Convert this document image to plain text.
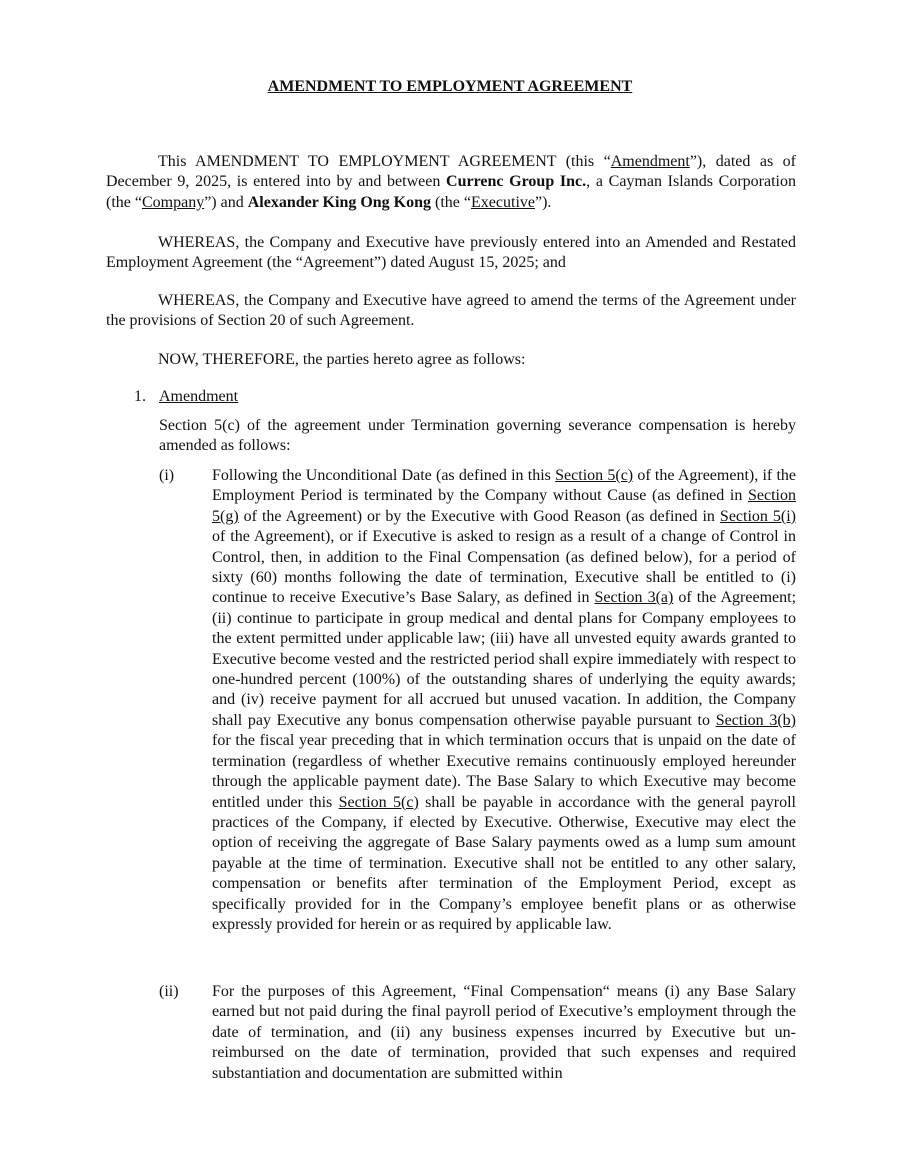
AMENDMENT TO EMPLOYMENT AGREEMENT

This AMENDMENT TO EMPLOYMENT AGREEMENT (this “Amendment”), dated as of December 9, 2025, is entered into by and between Currenc Group Inc., a Cayman Islands Corporation (the “Company”) and Alexander King Ong Kong (the “Executive”).

WHEREAS, the Company and Executive have previously entered into an Amended and Restated Employment Agreement (the “Agreement”) dated August 15, 2025; and

WHEREAS, the Company and Executive have agreed to amend the terms of the Agreement under the provisions of Section 20 of such Agreement.

NOW, THEREFORE, the parties hereto agree as follows:

1. Amendment

Section 5(c) of the agreement under Termination governing severance compensation is hereby amended as follows:

(i) Following the Unconditional Date (as defined in this Section 5(c) of the Agreement), if the Employment Period is terminated by the Company without Cause (as defined in Section 5(g) of the Agreement) or by the Executive with Good Reason (as defined in Section 5(i) of the Agreement), or if Executive is asked to resign as a result of a change of Control in Control, then, in addition to the Final Compensation (as defined below), for a period of sixty (60) months following the date of termination, Executive shall be entitled to (i) continue to receive Executive’s Base Salary, as defined in Section 3(a) of the Agreement; (ii) continue to participate in group medical and dental plans for Company employees to the extent permitted under applicable law; (iii) have all unvested equity awards granted to Executive become vested and the restricted period shall expire immediately with respect to one-hundred percent (100%) of the outstanding shares of underlying the equity awards; and (iv) receive payment for all accrued but unused vacation. In addition, the Company shall pay Executive any bonus compensation otherwise payable pursuant to Section 3(b) for the fiscal year preceding that in which termination occurs that is unpaid on the date of termination (regardless of whether Executive remains continuously employed hereunder through the applicable payment date). The Base Salary to which Executive may become entitled under this Section 5(c) shall be payable in accordance with the general payroll practices of the Company, if elected by Executive. Otherwise, Executive may elect the option of receiving the aggregate of Base Salary payments owed as a lump sum amount payable at the time of termination. Executive shall not be entitled to any other salary, compensation or benefits after termination of the Employment Period, except as specifically provided for in the Company’s employee benefit plans or as otherwise expressly provided for herein or as required by applicable law.

(ii) For the purposes of this Agreement, “Final Compensation“ means (i) any Base Salary earned but not paid during the final payroll period of Executive’s employment through the date of termination, and (ii) any business expenses incurred by Executive but un-reimbursed on the date of termination, provided that such expenses and required substantiation and documentation are submitted within
